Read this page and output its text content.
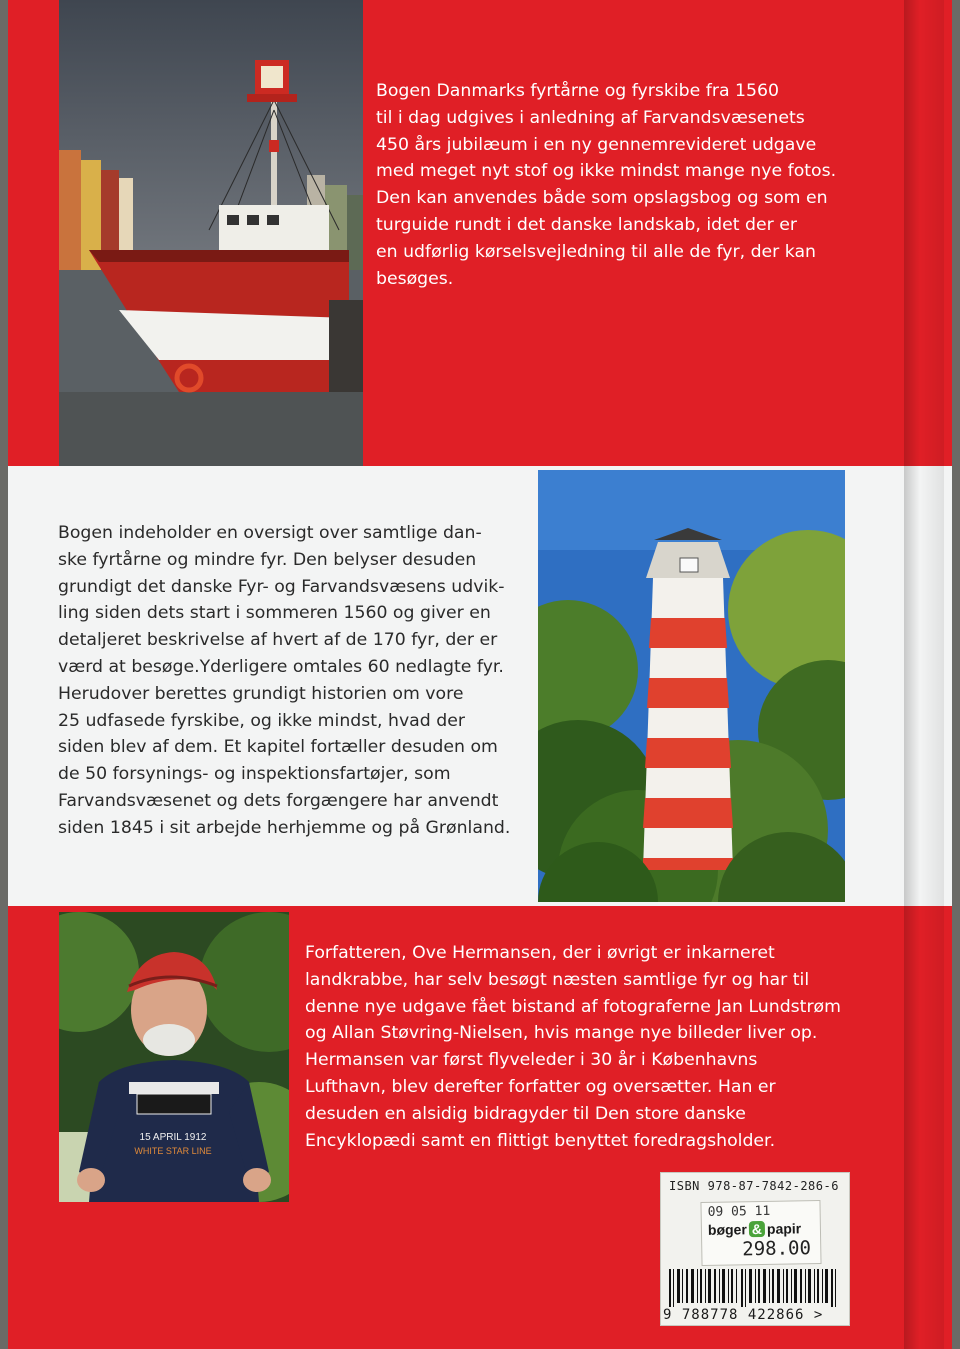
Bogen Danmarks fyrtårne og fyrskibe fra 1560

til i dag udgives i anledning af Farvandsvæsenets

450 års jubilæum i en ny gennemrevideret udgave

med meget nyt stof og ikke mindst mange nye fotos.

Den kan anvendes både som opslagsbog og som en

turguide rundt i det danske landskab, idet der er

en udførlig kørselsvejledning til alle de fyr, der kan

besøges.

Bogen indeholder en oversigt over samtlige dan-

ske fyrtårne og mindre fyr. Den belyser desuden

grundigt det danske Fyr- og Farvandsvæsens udvik-

ling siden dets start i sommeren 1560 og giver en

detaljeret beskrivelse af hvert af de 170 fyr, der er

værd at besøge.Yderligere omtales 60 nedlagte fyr.

Herudover berettes grundigt historien om vore

25 udfasede fyrskibe, og ikke mindst, hvad der

siden blev af dem. Et kapitel fortæller desuden om

de 50 forsynings- og inspektionsfartøjer, som

Farvandsvæsenet og dets forgængere har anvendt

siden 1845 i sit arbejde herhjemme og på Grønland.

15 APRIL 1912
WHITE STAR LINE

Forfatteren, Ove Hermansen, der i øvrigt er inkarneret

landkrabbe, har selv besøgt næsten samtlige fyr og har til

denne nye udgave fået bistand af fotograferne Jan Lundstrøm

og Allan Støvring-Nielsen, hvis mange nye billeder liver op.

Hermansen var først flyveleder i 30 år i Københavns

Lufthavn, blev derefter forfatter og oversætter. Han er

desuden en alsidig bidragyder til Den store danske

Encyklopædi samt en flittigt benyttet foredragsholder.

ISBN 978-87-7842-286-6
09 05 11
bøger & papir
298.00
9 788778 422866 >
